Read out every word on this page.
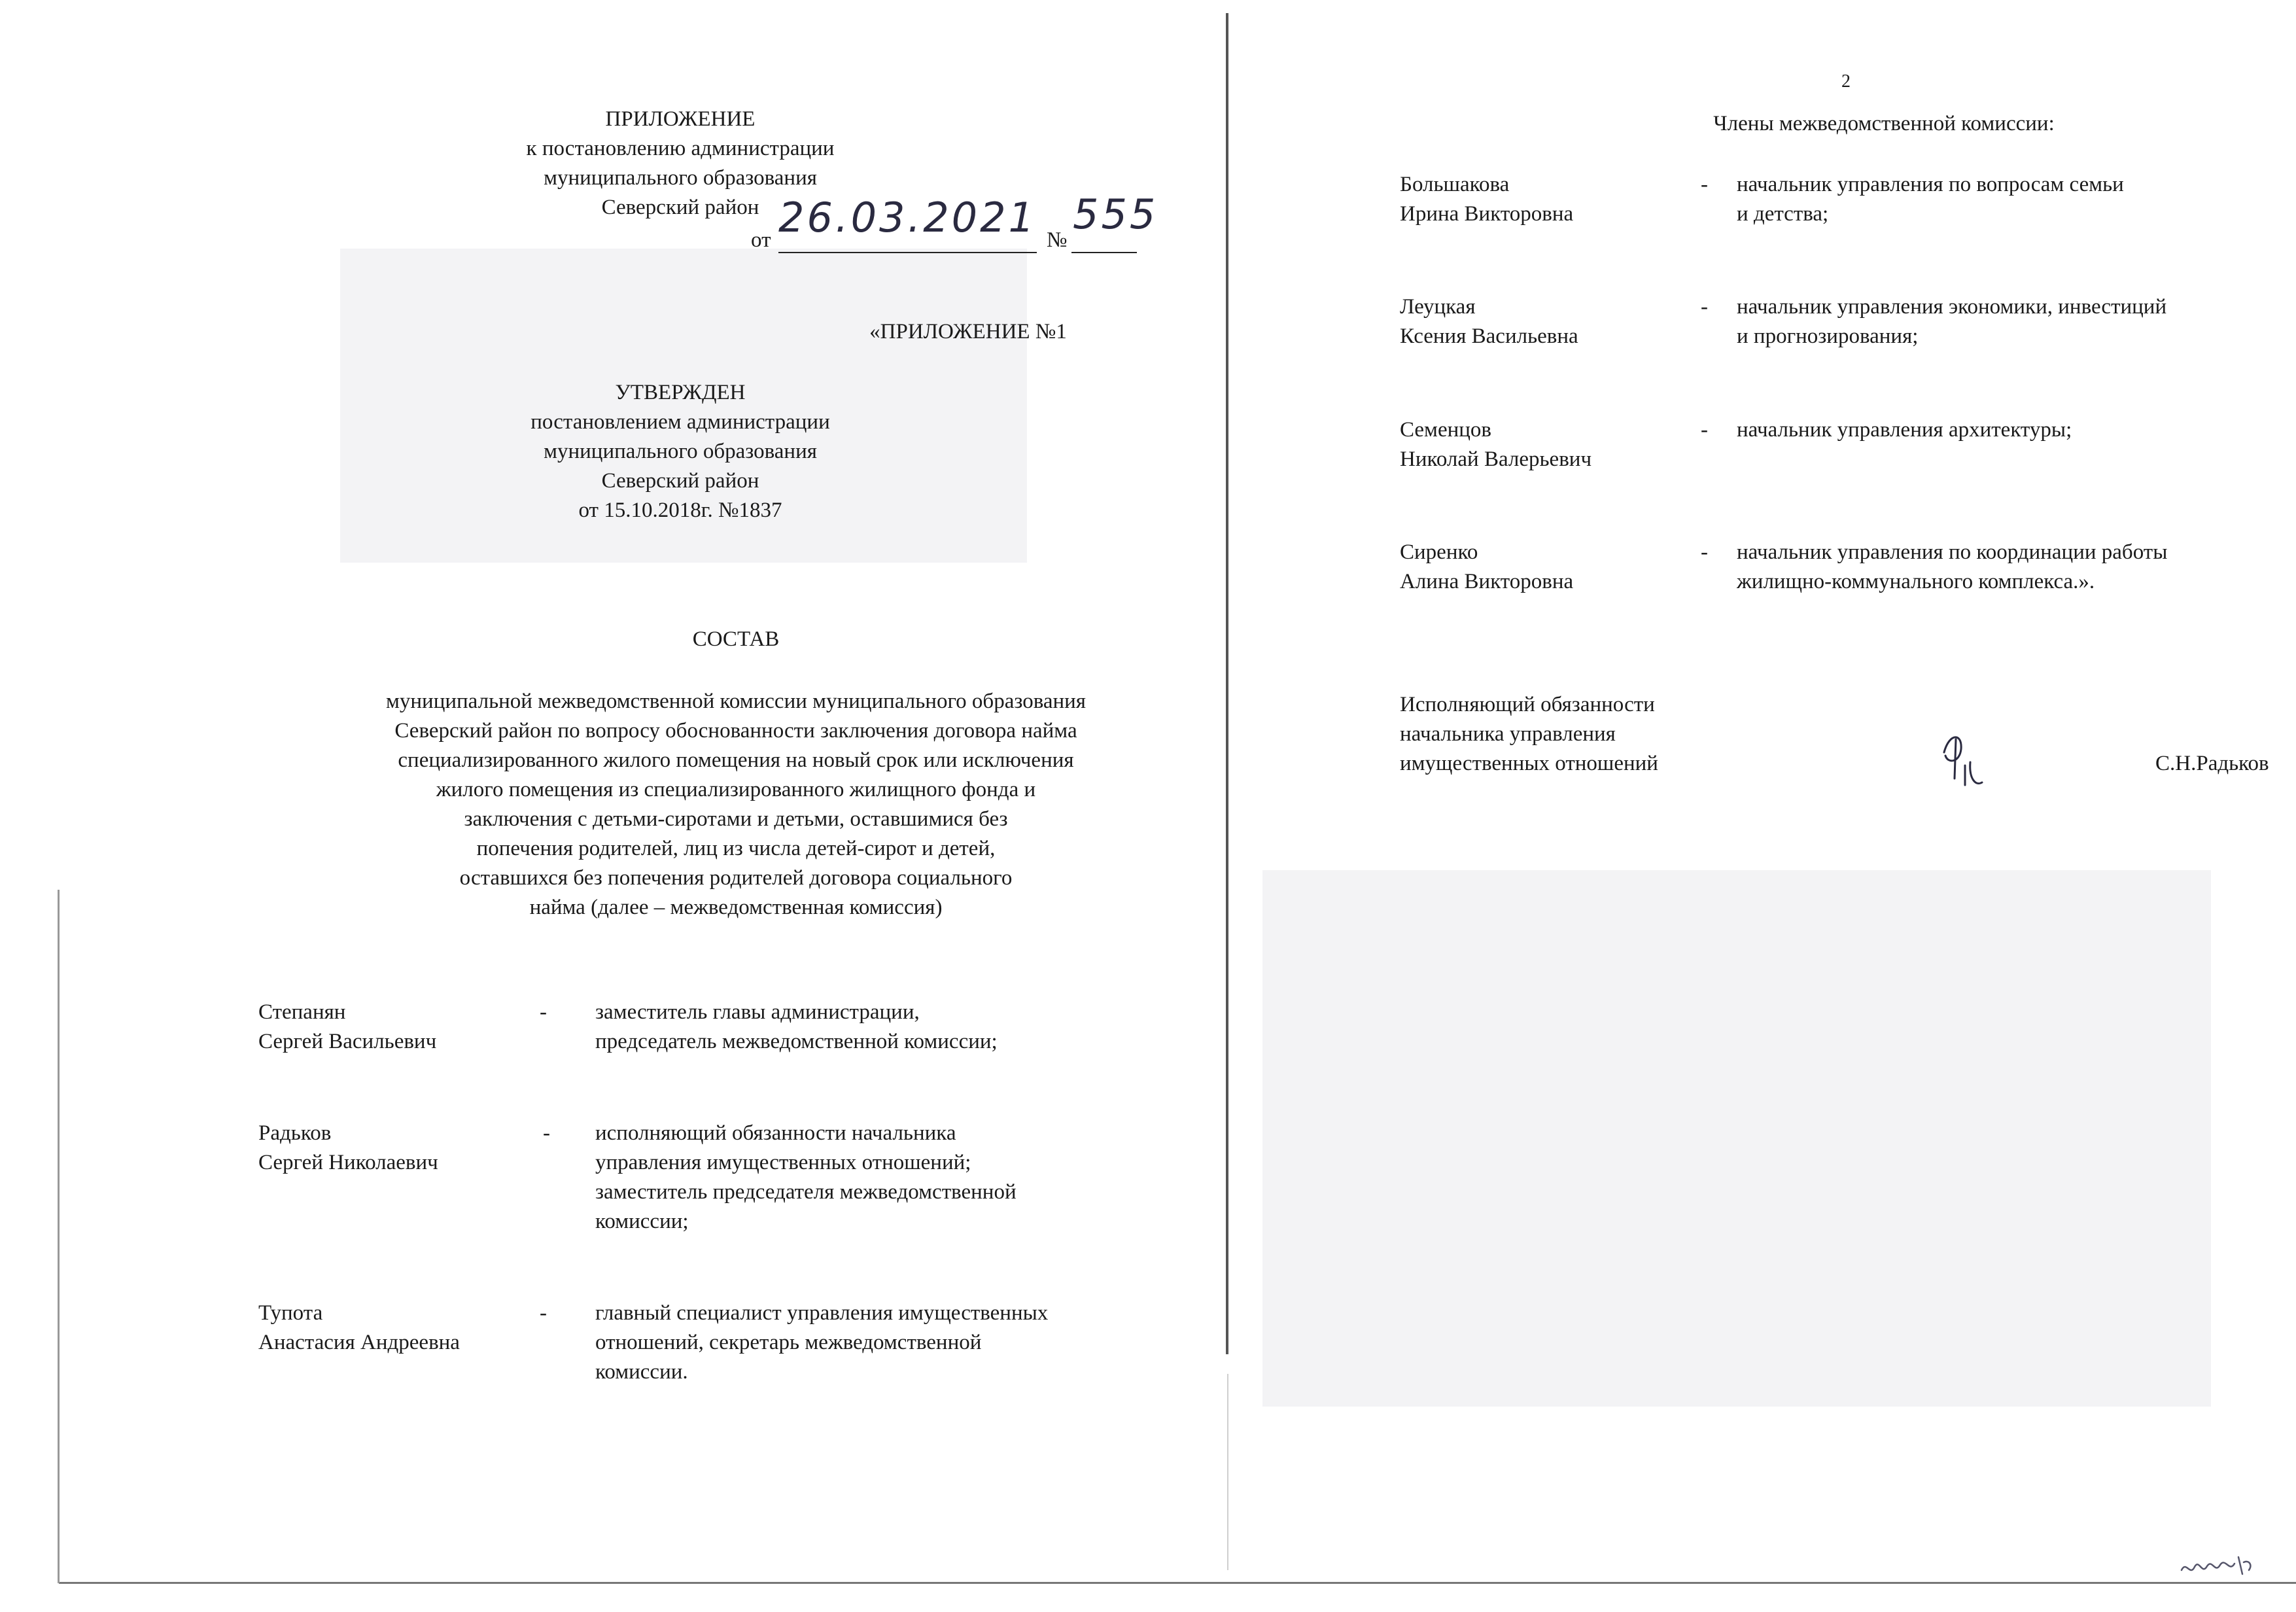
ПРИЛОЖЕНИЕ
к постановлению администрации
муниципального образования
Северский район
от 26.03.2021 №
555
«ПРИЛОЖЕНИЕ №1
УТВЕРЖДЕН
постановлением администрации
муниципального образования
Северский район
от 15.10.2018г. №1837
СОСТАВ
муниципальной межведомственной комиссии муниципального образования
Северский район по вопросу обоснованности заключения договора найма
специализированного жилого помещения на новый срок или исключения
жилого помещения из специализированного жилищного фонда и
заключения с детьми-сиротами и детьми, оставшимися без
попечения родителей, лиц из числа детей-сирот и детей,
оставшихся без попечения родителей договора социального
найма (далее – межведомственная комиссия)
Степанян
Сергей Васильевич
- заместитель главы администрации,
председатель межведомственной комиссии;
Радьков
Сергей Николаевич
- исполняющий обязанности начальника
управления имущественных отношений;
заместитель председателя межведомственной
комиссии;
Тупота
Анастасия Андреевна
- главный специалист управления имущественных
отношений, секретарь межведомственной
комиссии.
2
Члены межведомственной комиссии:
Большакова
Ирина Викторовна
- начальник управления по вопросам семьи
и детства;
Леуцкая
Ксения Васильевна
- начальник управления экономики, инвестиций
и прогнозирования;
Семенцов
Николай Валерьевич
- начальник управления архитектуры;
Сиренко
Алина Викторовна
- начальник управления по координации работы
жилищно-коммунального комплекса.».
Исполняющий обязанности
начальника управления
имущественных отношений	С.Н.Радьков
